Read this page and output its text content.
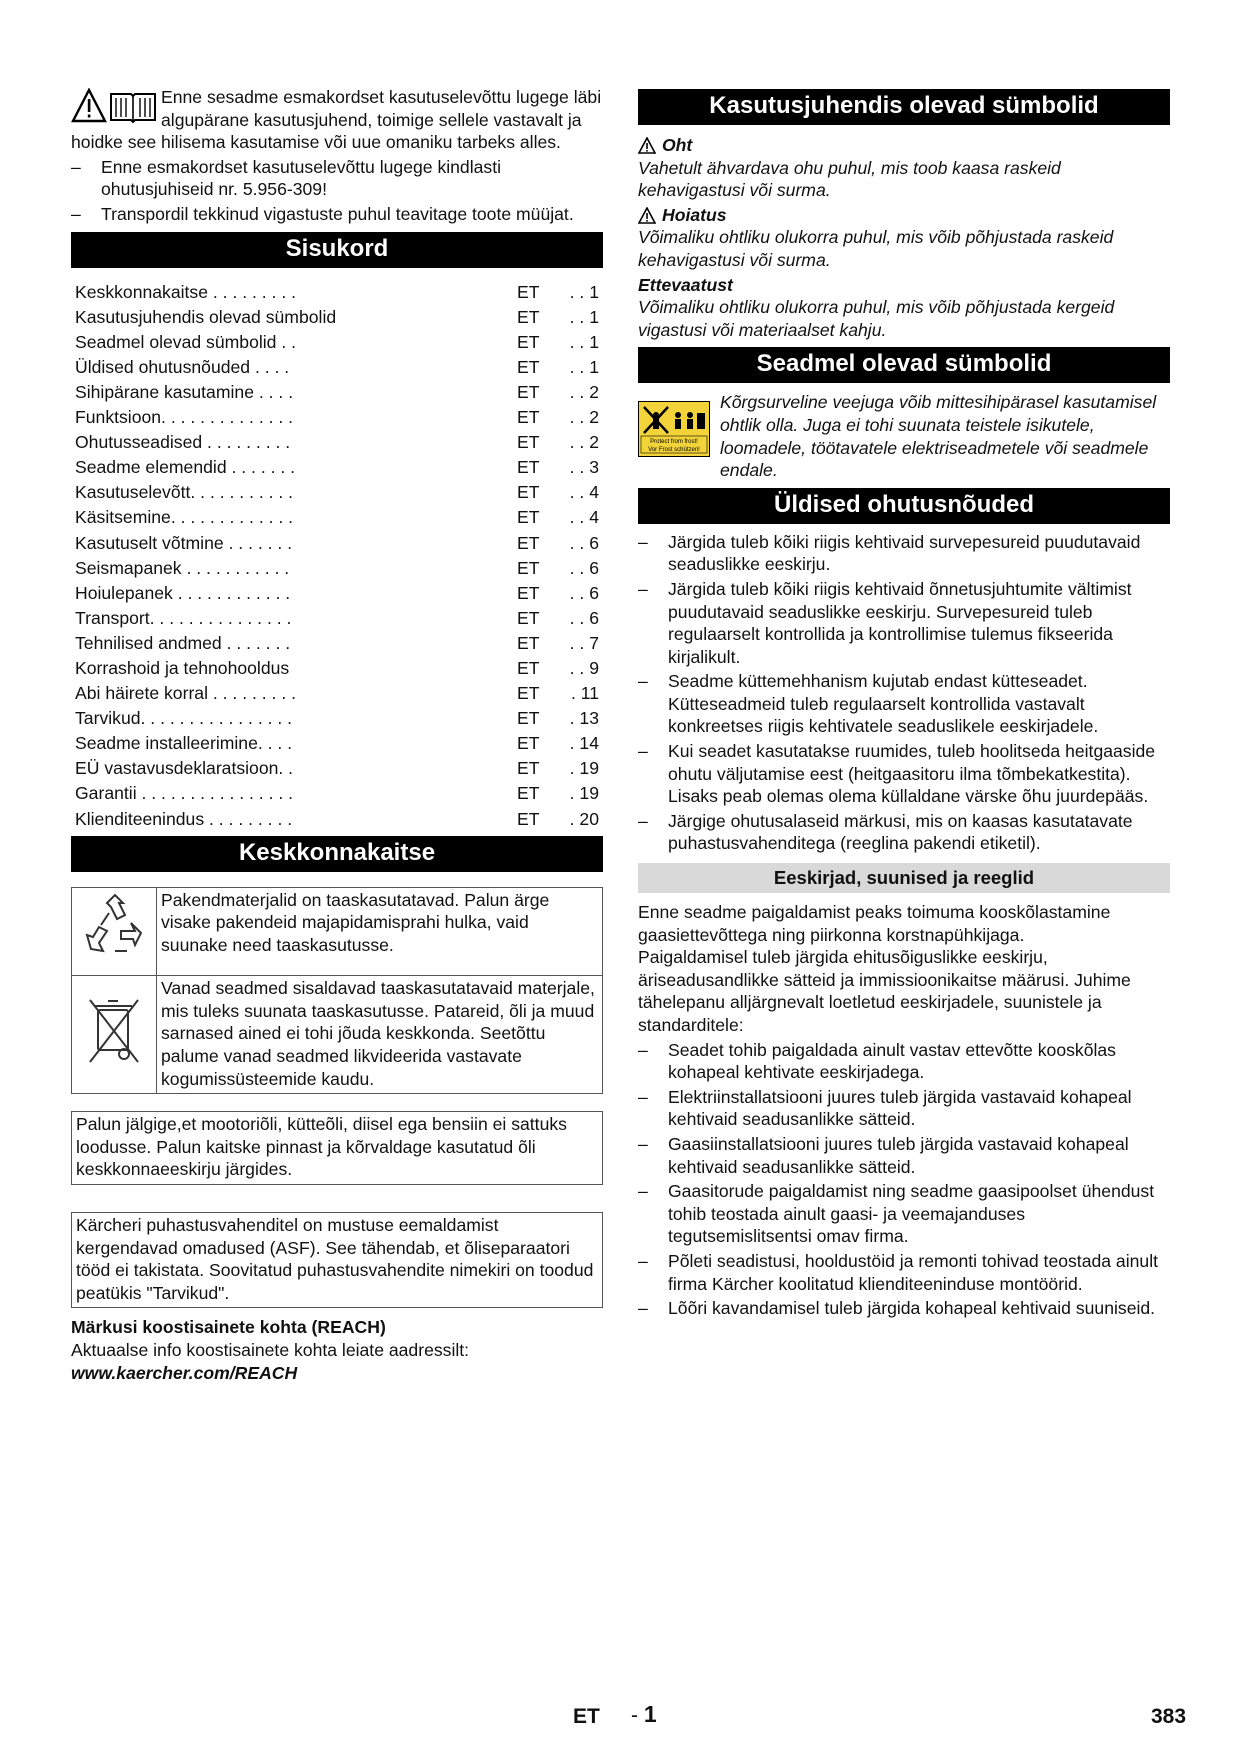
Enne sesadme esmakordset kasutuselevõttu lugege läbi algupärane kasutusjuhend, toimige sellele vastavalt ja hoidke see hilisema kasutamise või uue omaniku tarbeks alles.

– Enne esmakordset kasutuselevõttu lugege kindlasti ohutusjuhiseid nr. 5.956-309!
– Transpordil tekkinud vigastuste puhul teavitage toote müüjat.
Sisukord
Keskkonnakaitse . . . . . . . . .	ET . . 1
Kasutusjuhendis olevad sümbolid	ET . . 1
Seadmel olevad sümbolid . .	ET . . 1
Üldised ohutusnõuded . . . .	ET . . 1
Sihipärane kasutamine . . . .	ET . . 2
Funktsioon. . . . . . . . . . . . . .	ET . . 2
Ohutusseadised . . . . . . . . .	ET . . 2
Seadme elemendid . . . . . . .	ET . . 3
Kasutuselevõtt. . . . . . . . . . .	ET . . 4
Käsitsemine. . . . . . . . . . . . .	ET . . 4
Kasutuselt võtmine . . . . . . .	ET . . 6
Seismapanek . . . . . . . . . . .	ET . . 6
Hoiulepanek . . . . . . . . . . . .	ET . . 6
Transport. . . . . . . . . . . . . . .	ET . . 6
Tehnilised andmed . . . . . . .	ET . . 7
Korrashoid ja tehnohooldus	ET . . 9
Abi häirete korral . . . . . . . . .	ET . 11
Tarvikud. . . . . . . . . . . . . . . .	ET . 13
Seadme installeerimine. . . .	ET . 14
EÜ vastavusdeklaratsioon. .	ET . 19
Garantii . . . . . . . . . . . . . . . .	ET . 19
Klienditeenindus . . . . . . . . .	ET . 20
Keskkonnakaitse
	Pakendmaterjalid on taaskasutatavad. Palun ärge visake pakendeid majapidamisprahi hulka, vaid suunake need taaskasutusse.
	Vanad seadmed sisaldavad taaskasutatavaid materjale, mis tuleks suunata taaskasutusse. Patareid, õli ja muud sarnased ained ei tohi jõuda keskkonda. Seetõttu palume vanad seadmed likvideerida vastavate kogumissüsteemide kaudu.
Palun jälgige,et mootoriõli, kütteõli, diisel ega bensiin ei sattuks loodusse. Palun kaitske pinnast ja kõrvaldage kasutatud õli keskkonnaeeskirju järgides.
Kärcheri puhastusvahenditel on mustuse eemaldamist kergendavad omadused (ASF). See tähendab, et õliseparaatori tööd ei takistata. Soovitatud puhastusvahendite nimekiri on toodud peatükis "Tarvikud".

Märkusi koostisainete kohta (REACH)

Aktuaalse info koostisainete kohta leiate aadressilt:

www.kaercher.com/REACH

Kasutusjuhendis olevad sümbolid
Oht

Vahetult ähvardava ohu puhul, mis toob kaasa raskeid kehavigastusi või surma.

Hoiatus

Võimaliku ohtliku olukorra puhul, mis võib põhjustada raskeid kehavigastusi või surma.

Ettevaatust

Võimaliku ohtliku olukorra puhul, mis võib põhjustada kergeid vigastusi või materiaalset kahju.

Seadmel olevad sümbolid
Protect from frost!
Vor Frost schützen!

Kõrgsurveline veejuga võib mittesihipärasel kasutamisel ohtlik olla. Juga ei tohi suunata teistele isikutele, loomadele, töötavatele elektriseadmetele või seadmele endale.

Üldised ohutusnõuded
– Järgida tuleb kõiki riigis kehtivaid survepesureid puudutavaid seaduslikke eeskirju.
– Järgida tuleb kõiki riigis kehtivaid õnnetusjuhtumite vältimist puudutavaid seaduslikke eeskirju. Survepesureid tuleb regulaarselt kontrollida ja kontrollimise tulemus fikseerida kirjalikult.
– Seadme küttemehhanism kujutab endast kütteseadet. Kütteseadmeid tuleb regulaarselt kontrollida vastavalt konkreetses riigis kehtivatele seaduslikele eeskirjadele.
– Kui seadet kasutatakse ruumides, tuleb hoolitseda heitgaaside ohutu väljutamise eest (heitgaasitoru ilma tõmbekatkestita). Lisaks peab olemas olema küllaldane värske õhu juurdepääs.
– Järgige ohutusalaseid märkusi, mis on kaasas kasutatavate puhastusvahenditega (reeglina pakendi etiketil).
Eeskirjad, suunised ja reeglid

Enne seadme paigaldamist peaks toimuma kooskõlastamine gaasiettevõttega ning piirkonna korstnapühkijaga.

Paigaldamisel tuleb järgida ehitusõiguslikke eeskirju, äriseadusandlikke sätteid ja immissioonikaitse määrusi. Juhime tähelepanu alljärgnevalt loetletud eeskirjadele, suunistele ja standarditele:

– Seadet tohib paigaldada ainult vastav ettevõtte kooskõlas kohapeal kehtivate eeskirjadega.
– Elektriinstallatsiooni juures tuleb järgida vastavaid kohapeal kehtivaid seadusanlikke sätteid.
– Gaasiinstallatsiooni juures tuleb järgida vastavaid kohapeal kehtivaid seadusanlikke sätteid.
– Gaasitorude paigaldamist ning seadme gaasipoolset ühendust tohib teostada ainult gaasi- ja veemajanduses tegutsemislitsentsi omav firma.
– Põleti seadistusi, hooldustöid ja remonti tohivad teostada ainult firma Kärcher koolitatud klienditeeninduse montöörid.
– Lõõri kavandamisel tuleb järgida kohapeal kehtivaid suuniseid.
ET - 1	383
